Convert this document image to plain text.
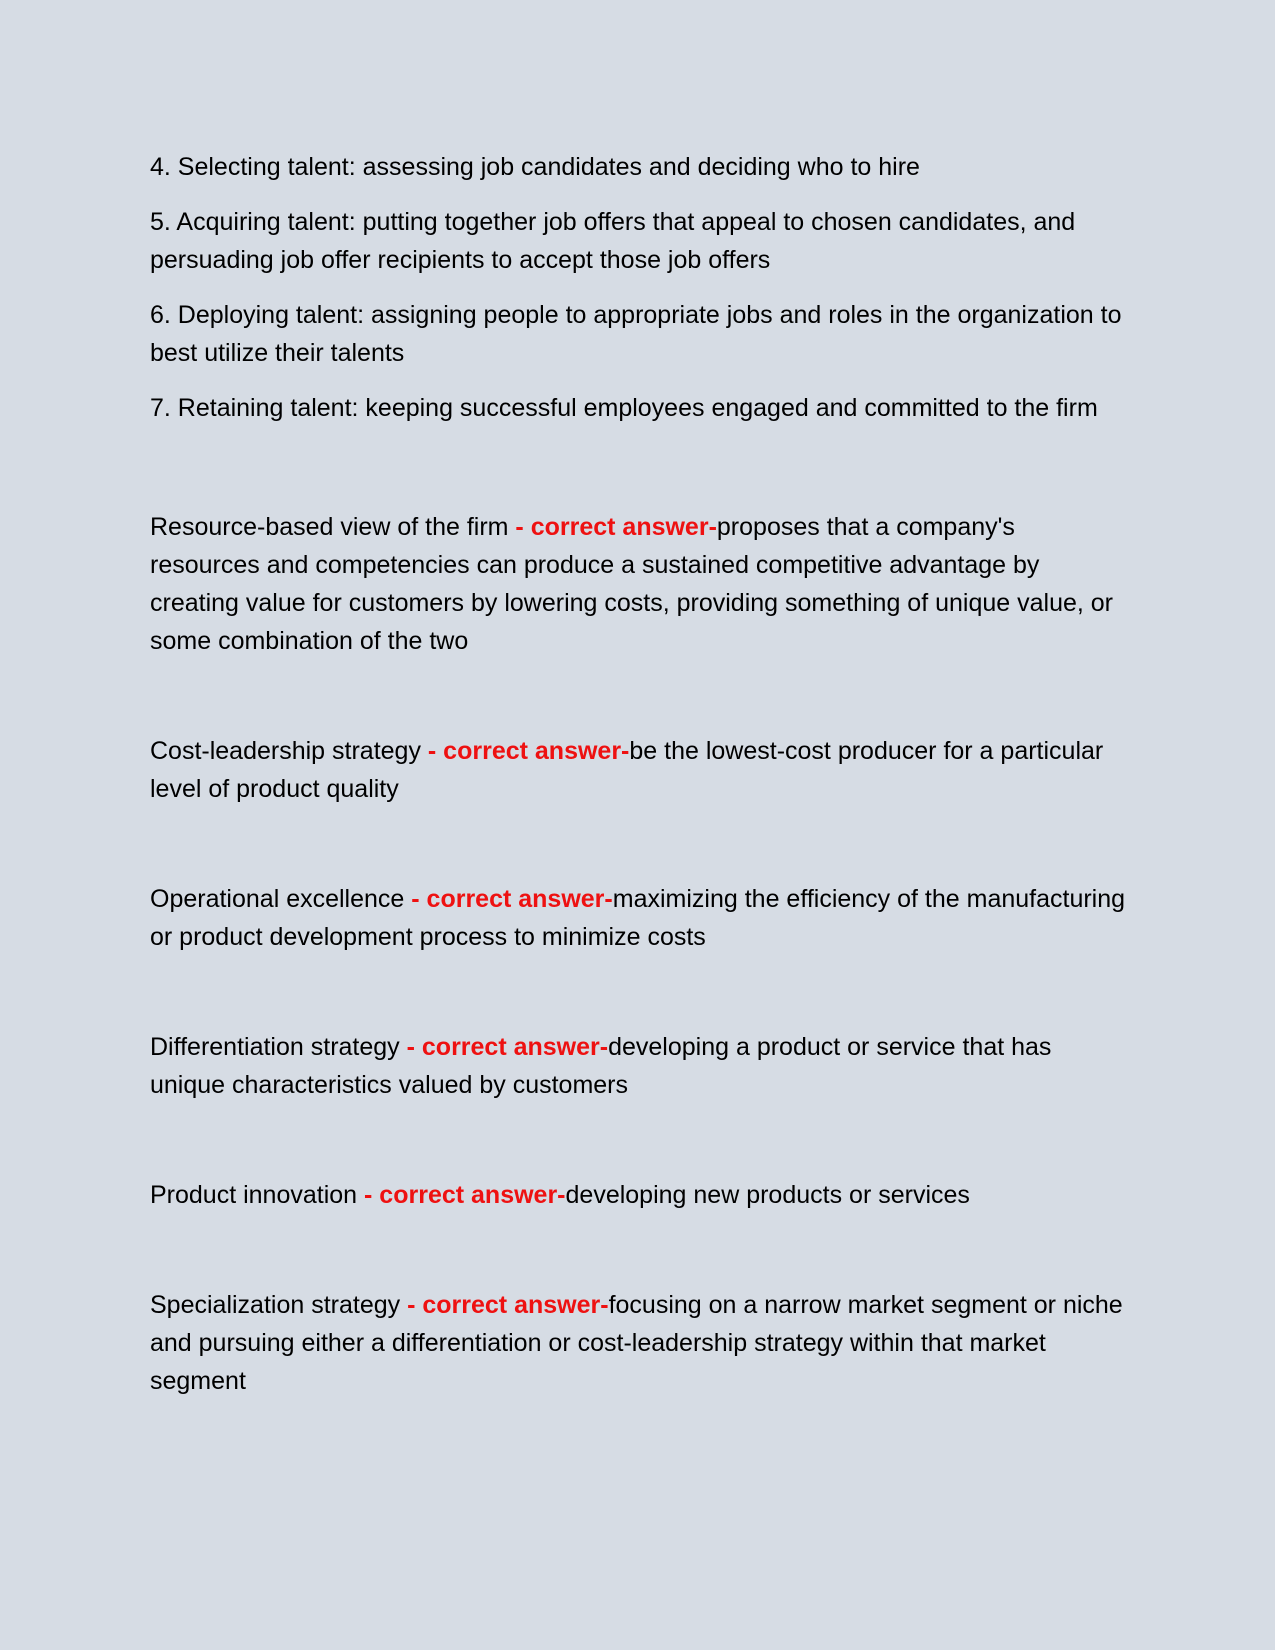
4. Selecting talent: assessing job candidates and deciding who to hire

5. Acquiring talent: putting together job offers that appeal to chosen candidates, and persuading job offer recipients to accept those job offers

6. Deploying talent: assigning people to appropriate jobs and roles in the organization to best utilize their talents

7. Retaining talent: keeping successful employees engaged and committed to the firm

Resource-based view of the firm - correct answer-proposes that a company's resources and competencies can produce a sustained competitive advantage by creating value for customers by lowering costs, providing something of unique value, or some combination of the two

Cost-leadership strategy - correct answer-be the lowest-cost producer for a particular level of product quality

Operational excellence - correct answer-maximizing the efficiency of the manufacturing or product development process to minimize costs

Differentiation strategy - correct answer-developing a product or service that has unique characteristics valued by customers

Product innovation - correct answer-developing new products or services

Specialization strategy - correct answer-focusing on a narrow market segment or niche and pursuing either a differentiation or cost-leadership strategy within that market segment
